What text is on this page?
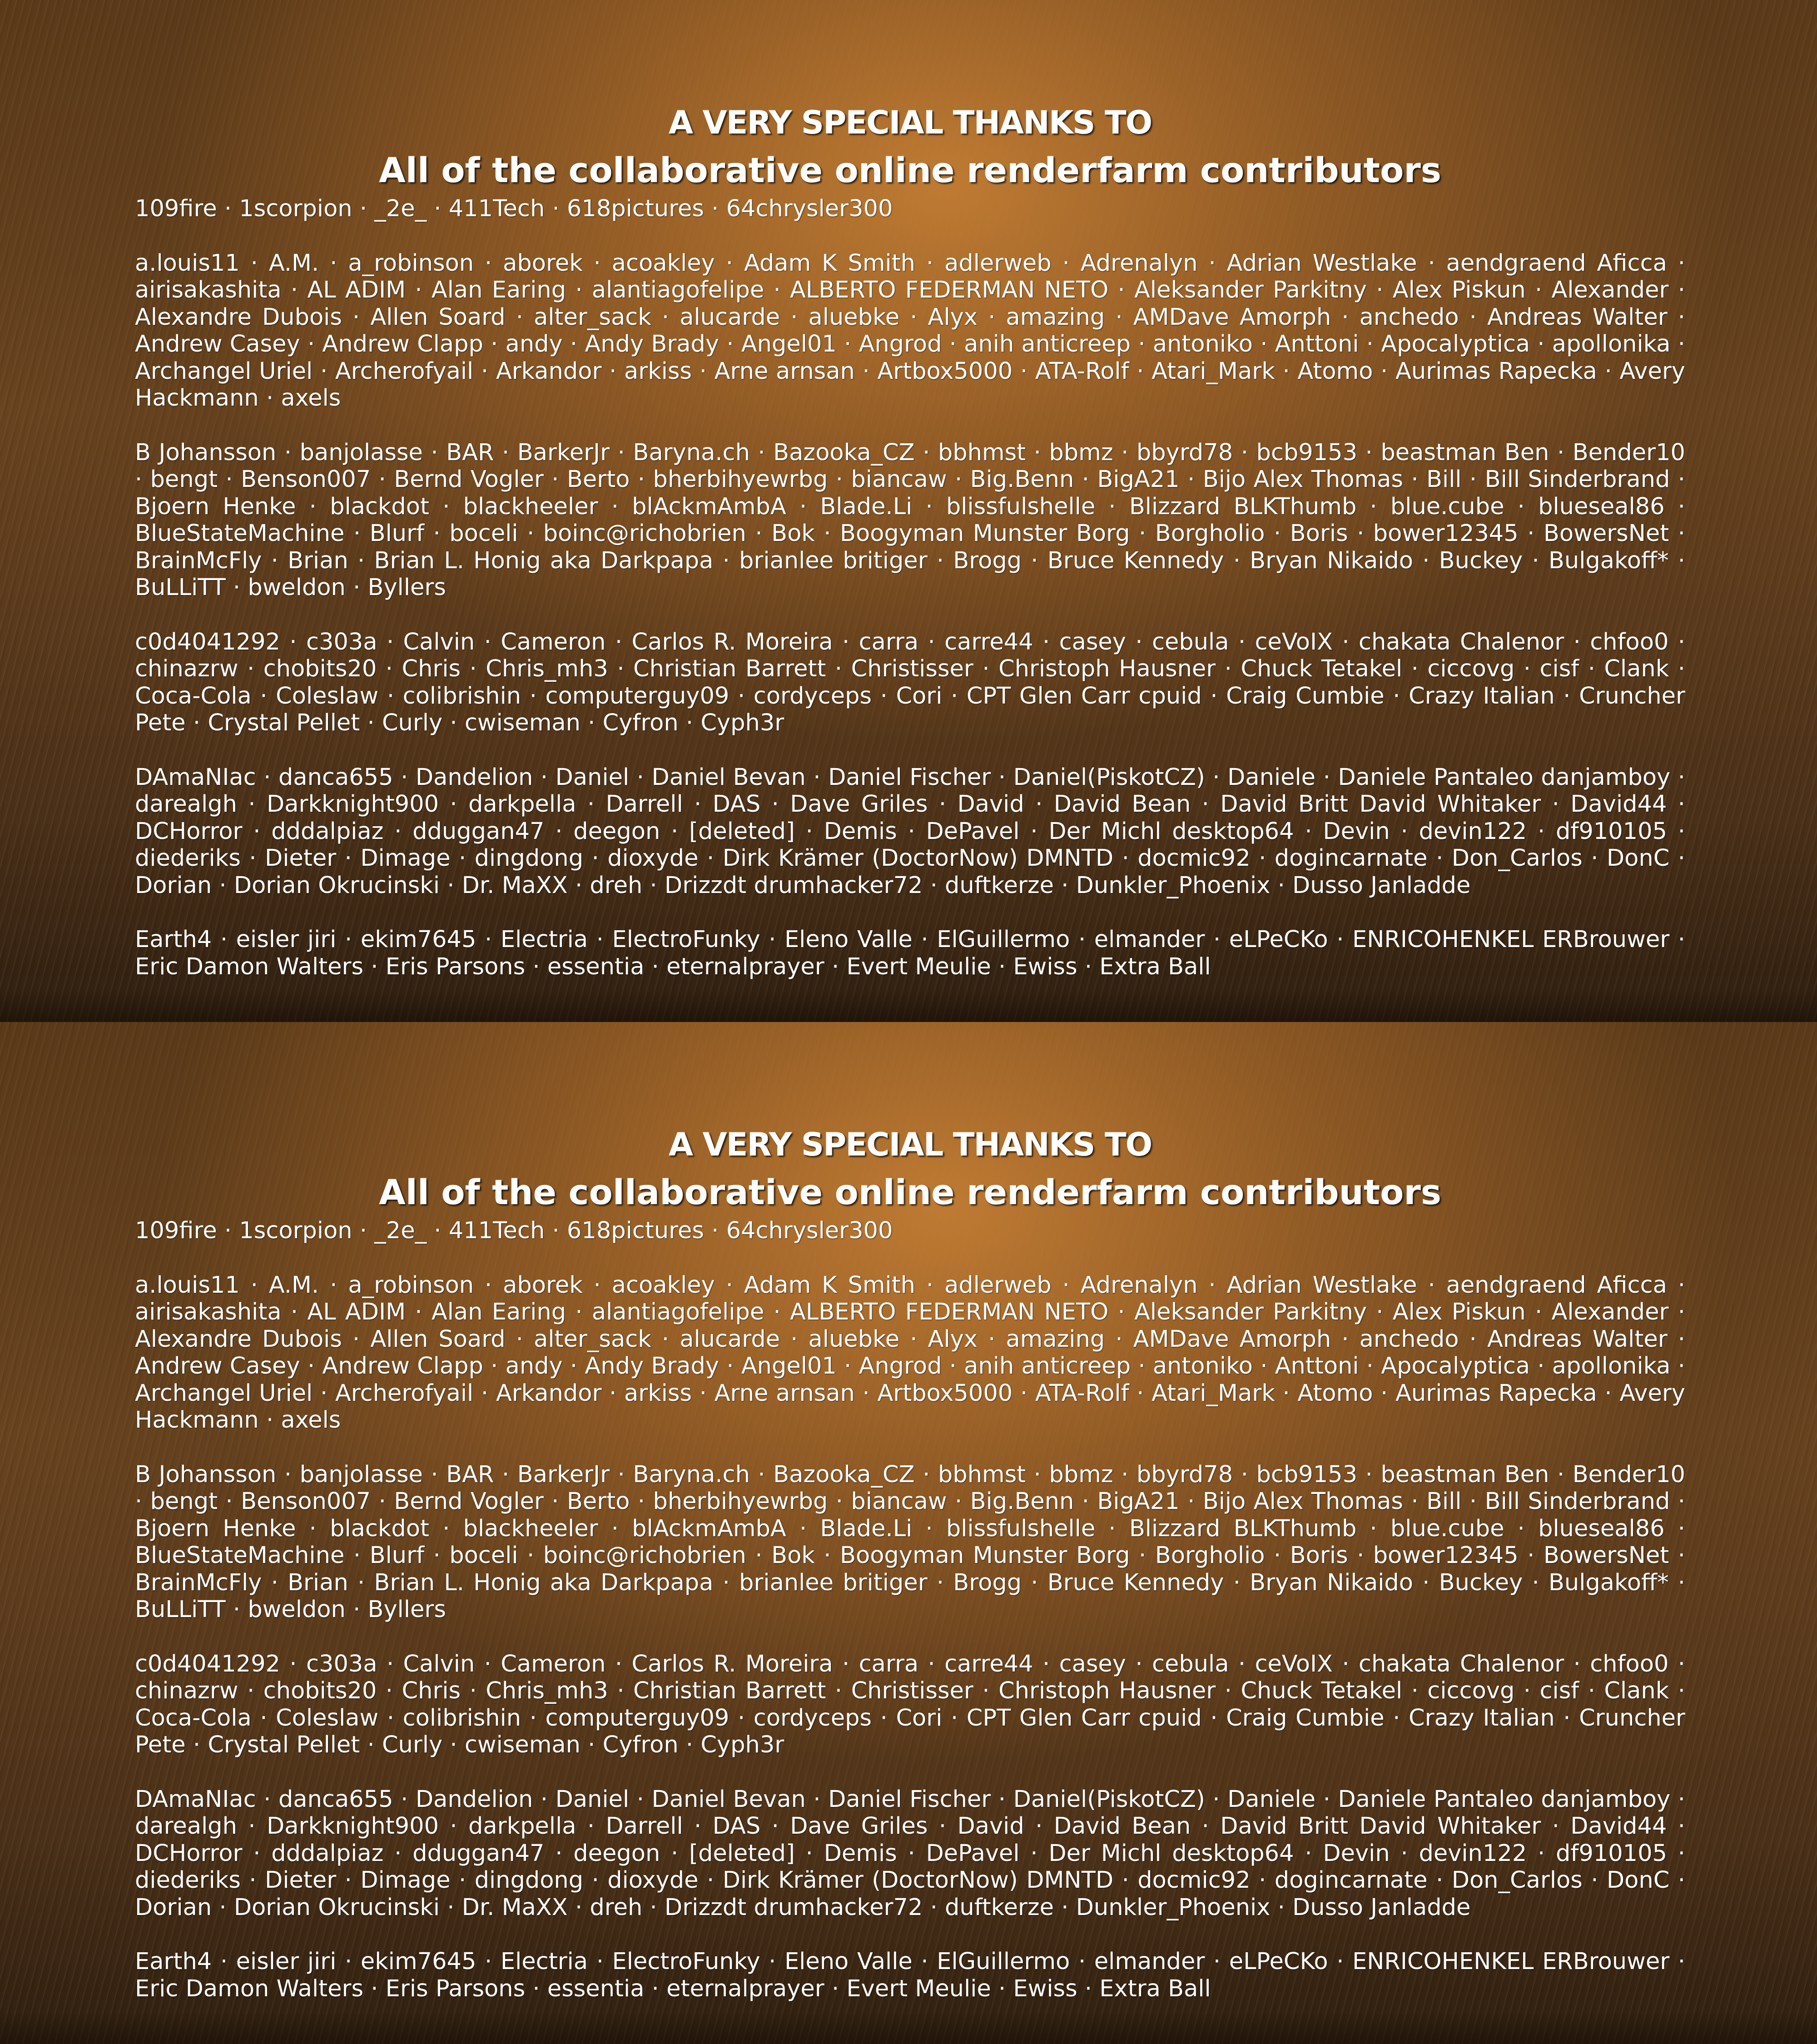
A VERY SPECIAL THANKS TO
All of the collaborative online renderfarm contributors

109fire · 1scorpion · _2e_ · 411Tech · 618pictures · 64chrysler300

a.louis11 · A.M. · a_robinson · aborek · acoakley · Adam K Smith · adlerweb · Adrenalyn · Adrian Westlake · aendgraend Aficca · airisakashita · AL ADIM · Alan Earing · alantiagofelipe · ALBERTO FEDERMAN NETO · Aleksander Parkitny · Alex Piskun · Alexander · Alexandre Dubois · Allen Soard · alter_sack · alucarde · aluebke · Alyx · amazing · AMDave Amorph · anchedo · Andreas Walter · Andrew Casey · Andrew Clapp · andy · Andy Brady · Angel01 · Angrod · anih anticreep · antoniko · Anttoni · Apocalyptica · apollonika · Archangel Uriel · Archerofyail · Arkandor · arkiss · Arne arnsan · Artbox5000 · ATA-Rolf · Atari_Mark · Atomo · Aurimas Rapecka · Avery Hackmann · axels

B Johansson · banjolasse · BAR · BarkerJr · Baryna.ch · Bazooka_CZ · bbhmst · bbmz · bbyrd78 · bcb9153 · beastman Ben · Bender10 · bengt · Benson007 · Bernd Vogler · Berto · bherbihyewrbg · biancaw · Big.Benn · BigA21 · Bijo Alex Thomas · Bill · Bill Sinderbrand · Bjoern Henke · blackdot · blackheeler · blAckmAmbA · Blade.Li · blissfulshelle · Blizzard BLKThumb · blue.cube · blueseal86 · BlueStateMachine · Blurf · boceli · boinc@richobrien · Bok · Boogyman Munster Borg · Borgholio · Boris · bower12345 · BowersNet · BrainMcFly · Brian · Brian L. Honig aka Darkpapa · brianlee britiger · Brogg · Bruce Kennedy · Bryan Nikaido · Buckey · Bulgakoff* · BuLLiTT · bweldon · Byllers

c0d4041292 · c303a · Calvin · Cameron · Carlos R. Moreira · carra · carre44 · casey · cebula · ceVoIX · chakata Chalenor · chfoo0 · chinazrw · chobits20 · Chris · Chris_mh3 · Christian Barrett · Christisser · Christoph Hausner · Chuck Tetakel · ciccovg · cisf · Clank · Coca-Cola · Coleslaw · colibrishin · computerguy09 · cordyceps · Cori · CPT Glen Carr cpuid · Craig Cumbie · Crazy Italian · Cruncher Pete · Crystal Pellet · Curly · cwiseman · Cyfron · Cyph3r

DAmaNIac · danca655 · Dandelion · Daniel · Daniel Bevan · Daniel Fischer · Daniel(PiskotCZ) · Daniele · Daniele Pantaleo danjamboy · darealgh · Darkknight900 · darkpella · Darrell · DAS · Dave Griles · David · David Bean · David Britt David Whitaker · David44 · DCHorror · dddalpiaz · dduggan47 · deegon · [deleted] · Demis · DePavel · Der Michl desktop64 · Devin · devin122 · df910105 · diederiks · Dieter · Dimage · dingdong · dioxyde · Dirk Krämer (DoctorNow) DMNTD · docmic92 · dogincarnate · Don_Carlos · DonC · Dorian · Dorian Okrucinski · Dr. MaXX · dreh · Drizzdt drumhacker72 · duftkerze · Dunkler_Phoenix · Dusso Janladde

Earth4 · eisler jiri · ekim7645 · Electria · ElectroFunky · Eleno Valle · ElGuillermo · elmander · eLPeCKo · ENRICOHENKEL ERBrouwer · Eric Damon Walters · Eris Parsons · essentia · eternalprayer · Evert Meulie · Ewiss · Extra Ball

A VERY SPECIAL THANKS TO
All of the collaborative online renderfarm contributors

109fire · 1scorpion · _2e_ · 411Tech · 618pictures · 64chrysler300

a.louis11 · A.M. · a_robinson · aborek · acoakley · Adam K Smith · adlerweb · Adrenalyn · Adrian Westlake · aendgraend Aficca · airisakashita · AL ADIM · Alan Earing · alantiagofelipe · ALBERTO FEDERMAN NETO · Aleksander Parkitny · Alex Piskun · Alexander · Alexandre Dubois · Allen Soard · alter_sack · alucarde · aluebke · Alyx · amazing · AMDave Amorph · anchedo · Andreas Walter · Andrew Casey · Andrew Clapp · andy · Andy Brady · Angel01 · Angrod · anih anticreep · antoniko · Anttoni · Apocalyptica · apollonika · Archangel Uriel · Archerofyail · Arkandor · arkiss · Arne arnsan · Artbox5000 · ATA-Rolf · Atari_Mark · Atomo · Aurimas Rapecka · Avery Hackmann · axels

B Johansson · banjolasse · BAR · BarkerJr · Baryna.ch · Bazooka_CZ · bbhmst · bbmz · bbyrd78 · bcb9153 · beastman Ben · Bender10 · bengt · Benson007 · Bernd Vogler · Berto · bherbihyewrbg · biancaw · Big.Benn · BigA21 · Bijo Alex Thomas · Bill · Bill Sinderbrand · Bjoern Henke · blackdot · blackheeler · blAckmAmbA · Blade.Li · blissfulshelle · Blizzard BLKThumb · blue.cube · blueseal86 · BlueStateMachine · Blurf · boceli · boinc@richobrien · Bok · Boogyman Munster Borg · Borgholio · Boris · bower12345 · BowersNet · BrainMcFly · Brian · Brian L. Honig aka Darkpapa · brianlee britiger · Brogg · Bruce Kennedy · Bryan Nikaido · Buckey · Bulgakoff* · BuLLiTT · bweldon · Byllers

c0d4041292 · c303a · Calvin · Cameron · Carlos R. Moreira · carra · carre44 · casey · cebula · ceVoIX · chakata Chalenor · chfoo0 · chinazrw · chobits20 · Chris · Chris_mh3 · Christian Barrett · Christisser · Christoph Hausner · Chuck Tetakel · ciccovg · cisf · Clank · Coca-Cola · Coleslaw · colibrishin · computerguy09 · cordyceps · Cori · CPT Glen Carr cpuid · Craig Cumbie · Crazy Italian · Cruncher Pete · Crystal Pellet · Curly · cwiseman · Cyfron · Cyph3r

DAmaNIac · danca655 · Dandelion · Daniel · Daniel Bevan · Daniel Fischer · Daniel(PiskotCZ) · Daniele · Daniele Pantaleo danjamboy · darealgh · Darkknight900 · darkpella · Darrell · DAS · Dave Griles · David · David Bean · David Britt David Whitaker · David44 · DCHorror · dddalpiaz · dduggan47 · deegon · [deleted] · Demis · DePavel · Der Michl desktop64 · Devin · devin122 · df910105 · diederiks · Dieter · Dimage · dingdong · dioxyde · Dirk Krämer (DoctorNow) DMNTD · docmic92 · dogincarnate · Don_Carlos · DonC · Dorian · Dorian Okrucinski · Dr. MaXX · dreh · Drizzdt drumhacker72 · duftkerze · Dunkler_Phoenix · Dusso Janladde

Earth4 · eisler jiri · ekim7645 · Electria · ElectroFunky · Eleno Valle · ElGuillermo · elmander · eLPeCKo · ENRICOHENKEL ERBrouwer · Eric Damon Walters · Eris Parsons · essentia · eternalprayer · Evert Meulie · Ewiss · Extra Ball
